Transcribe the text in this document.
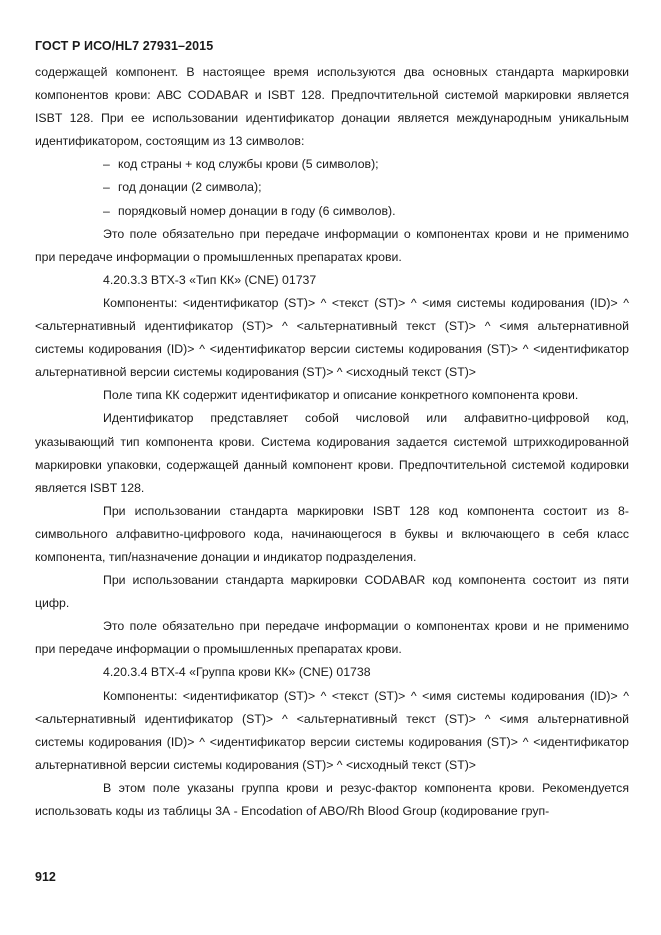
ГОСТ Р ИСО/HL7 27931–2015

содержащей компонент. В настоящее время используются два основных стандарта маркировки компонентов крови: АВС CODABAR и ISBT 128. Предпочтительной системой маркировки является ISBT 128. При ее использовании идентификатор донации является международным уникальным идентификатором, состоящим из 13 символов:

– код страны + код службы крови (5 символов);
– год донации (2 символа);
– порядковый номер донации в году (6 символов).

Это поле обязательно при передаче информации о компонентах крови и не применимо при передаче информации о промышленных препаратах крови.

4.20.3.3 BTX-3 «Тип КК» (CNE) 01737

Компоненты: <идентификатор (ST)> ^ <текст (ST)> ^ <имя системы кодирования (ID)> ^ <альтернативный идентификатор (ST)> ^ <альтернативный текст (ST)> ^ <имя альтернативной системы кодирования (ID)> ^ <идентификатор версии системы кодирования (ST)> ^ <идентификатор альтернативной версии системы кодирования (ST)> ^ <исходный текст (ST)>

Поле типа КК содержит идентификатор и описание конкретного компонента крови.

Идентификатор представляет собой числовой или алфавитно-цифровой код, указывающий тип компонента крови. Система кодирования задается системой штрихкодированной маркировки упаковки, содержащей данный компонент крови. Предпочтительной системой кодировки является ISBT 128.

При использовании стандарта маркировки ISBT 128 код компонента состоит из 8-символьного алфавитно-цифрового кода, начинающегося в буквы и включающего в себя класс компонента, тип/назначение донации и индикатор подразделения.

При использовании стандарта маркировки CODABAR код компонента состоит из пяти цифр.

Это поле обязательно при передаче информации о компонентах крови и не применимо при передаче информации о промышленных препаратах крови.

4.20.3.4 BTX-4 «Группа крови КК» (CNE) 01738

Компоненты: <идентификатор (ST)> ^ <текст (ST)> ^ <имя системы кодирования (ID)> ^ <альтернативный идентификатор (ST)> ^ <альтернативный текст (ST)> ^ <имя альтернативной системы кодирования (ID)> ^ <идентификатор версии системы кодирования (ST)> ^ <идентификатор альтернативной версии системы кодирования (ST)> ^ <исходный текст (ST)>

В этом поле указаны группа крови и резус-фактор компонента крови. Рекомендуется использовать коды из таблицы 3А - Encodation of ABO/Rh Blood Group (кодирование груп-

912
